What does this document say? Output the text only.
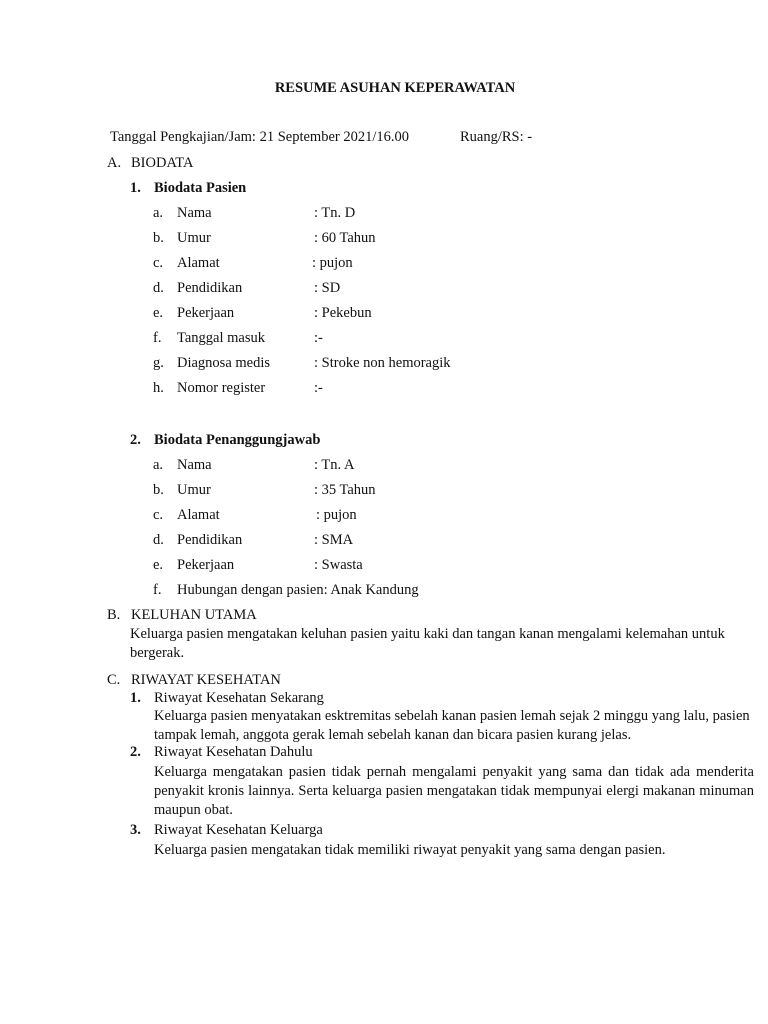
RESUME ASUHAN KEPERAWATAN
Tanggal Pengkajian/Jam: 21 September 2021/16.00	Ruang/RS: -
A. BIODATA
1. Biodata Pasien
a. Nama	: Tn. D
b. Umur	: 60 Tahun
c. Alamat	: pujon
d. Pendidikan	: SD
e. Pekerjaan	: Pekebun
f. Tanggal masuk	:-
g. Diagnosa medis	: Stroke non hemoragik
h. Nomor register	:-
2. Biodata Penanggungjawab
a. Nama	: Tn. A
b. Umur	: 35 Tahun
c. Alamat	: pujon
d. Pendidikan	: SMA
e. Pekerjaan	: Swasta
f. Hubungan dengan pasien: Anak Kandung
B. KELUHAN UTAMA
Keluarga pasien mengatakan keluhan pasien yaitu kaki dan tangan kanan mengalami kelemahan untuk bergerak.
C. RIWAYAT KESEHATAN
1. Riwayat Kesehatan Sekarang
Keluarga pasien menyatakan esktremitas sebelah kanan pasien lemah sejak 2 minggu yang lalu, pasien tampak lemah, anggota gerak lemah sebelah kanan dan bicara pasien kurang jelas.
2. Riwayat Kesehatan Dahulu
Keluarga mengatakan pasien tidak pernah mengalami penyakit yang sama dan tidak ada menderita penyakit kronis lainnya. Serta keluarga pasien mengatakan tidak mempunyai elergi makanan minuman maupun obat.
3. Riwayat Kesehatan Keluarga
Keluarga pasien mengatakan tidak memiliki riwayat penyakit yang sama dengan pasien.
